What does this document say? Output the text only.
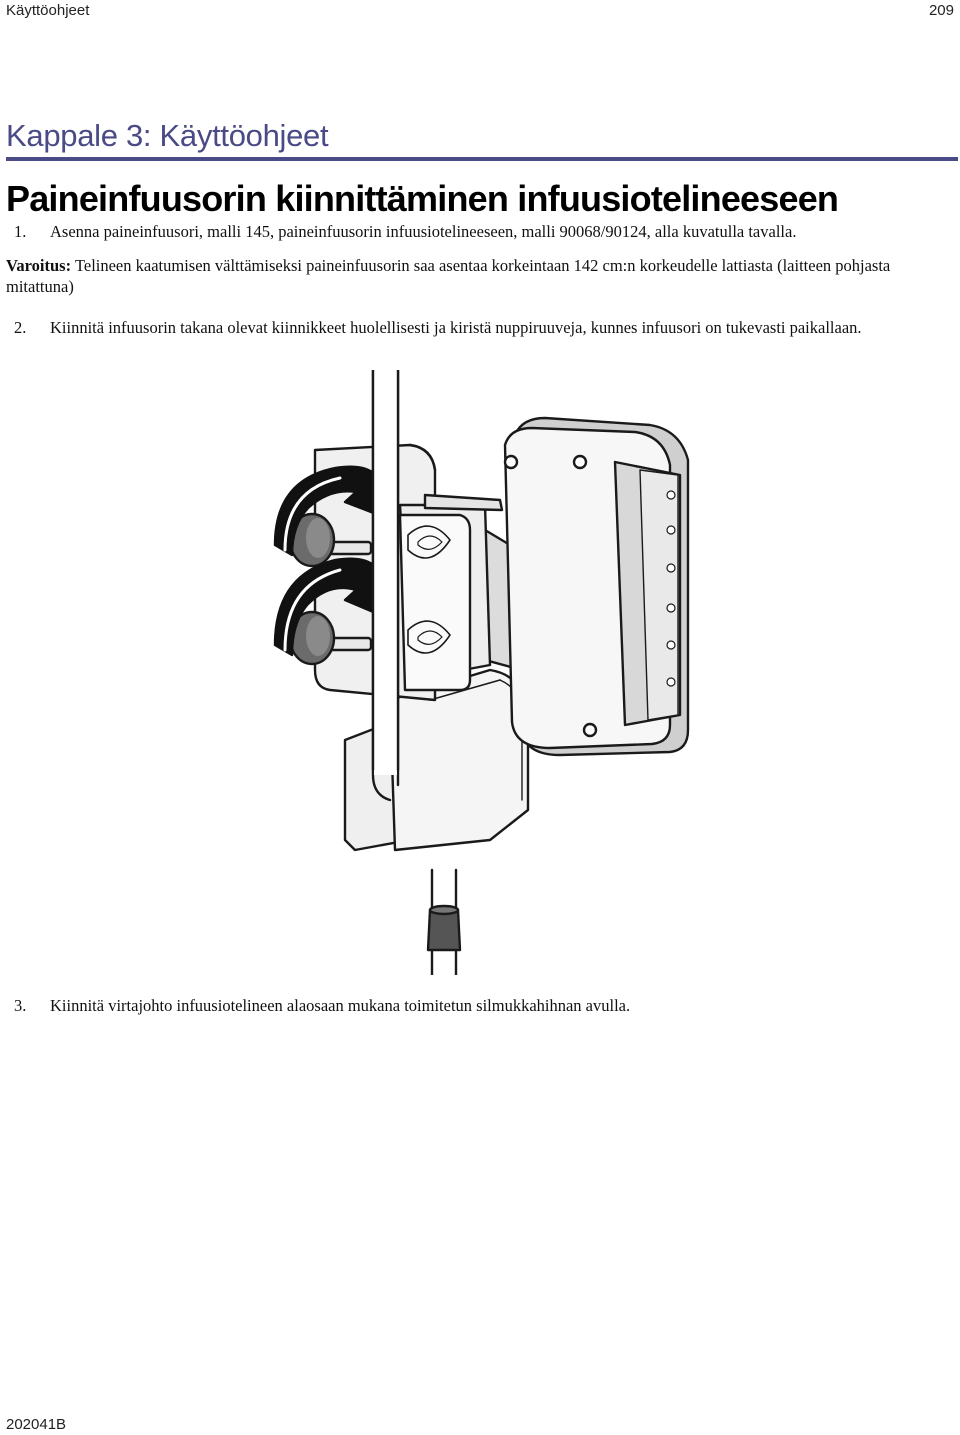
Käyttöohjeet	209
Kappale 3: Käyttöohjeet
Paineinfuusorin kiinnittäminen infuusiotelineeseen
1. Asenna paineinfuusori, malli 145, paineinfuusorin infuusiotelineeseen, malli 90068/90124, alla kuvatulla tavalla.
Varoitus: Telineen kaatumisen välttämiseksi paineinfuusorin saa asentaa korkeintaan 142 cm:n korkeudelle lattiasta (laitteen pohjasta mitattuna)
2. Kiinnitä infuusorin takana olevat kiinnikkeet huolellisesti ja kiristä nuppiruuveja, kunnes infuusori on tukevasti paikallaan.
3. Kiinnitä virtajohto infuusiotelineen alaosaan mukana toimitetun silmukkahihnan avulla.
202041B
